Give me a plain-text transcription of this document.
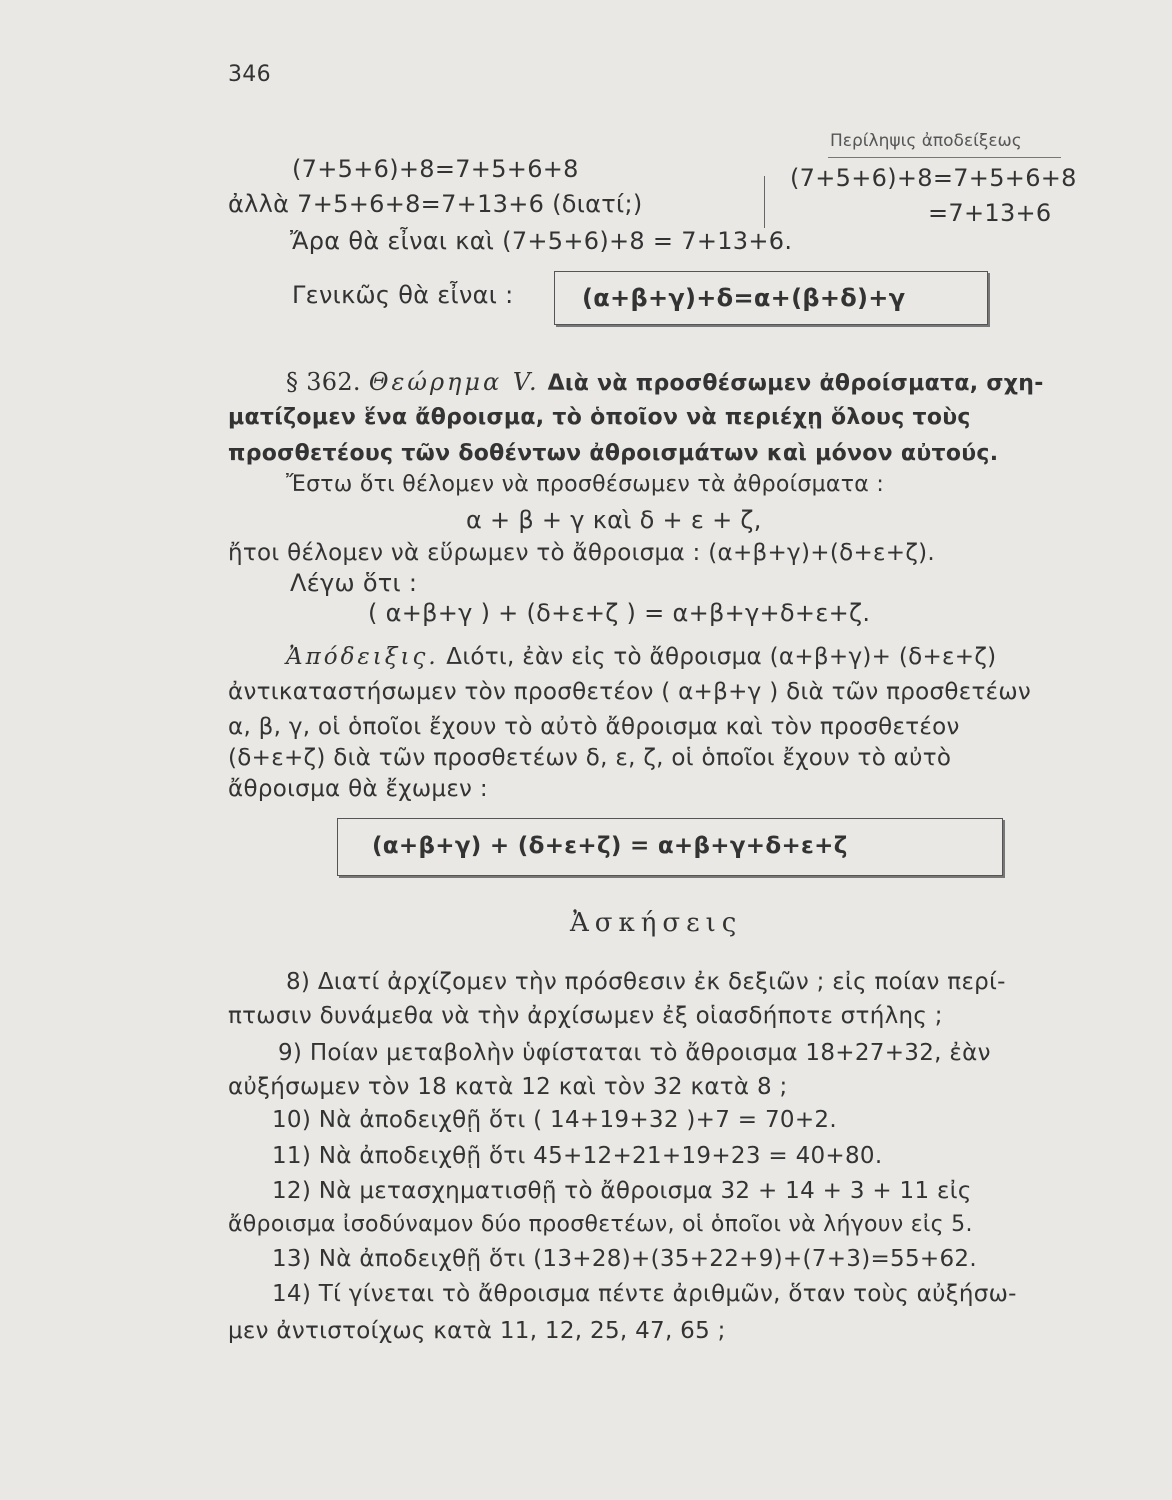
346
Περίληψις ἀποδείξεως
(7+5+6)+8=7+5+6+8
=7+13+6
(7+5+6)+8=7+5+6+8
ἀλλὰ 7+5+6+8=7+13+6 (διατί;)
Ἄρα θὰ εἶναι καὶ (7+5+6)+8 = 7+13+6.
Γενικῶς θὰ εἶναι :	(α+β+γ)+δ=α+(β+δ)+γ
§ 362. Θεώρημα V. Διὰ νὰ προσθέσωμεν ἀθροίσματα, σχη-
ματίζομεν ἕνα ἄθροισμα, τὸ ὁποῖον νὰ περιέχῃ ὅλους τοὺς
προσθετέους τῶν δοθέντων ἀθροισμάτων καὶ μόνον αὐτούς.
Ἔστω ὅτι θέλομεν νὰ προσθέσωμεν τὰ ἀθροίσματα :
α + β + γ καὶ δ + ε + ζ,
ἤτοι θέλομεν νὰ εὕρωμεν τὸ ἄθροισμα : (α+β+γ)+(δ+ε+ζ).
Λέγω ὅτι :
( α+β+γ ) + (δ+ε+ζ ) = α+β+γ+δ+ε+ζ.
Ἀπόδειξις. Διότι, ἐὰν εἰς τὸ ἄθροισμα (α+β+γ)+ (δ+ε+ζ)
ἀντικαταστήσωμεν τὸν προσθετέον ( α+β+γ ) διὰ τῶν προσθετέων
α, β, γ, οἱ ὁποῖοι ἔχουν τὸ αὐτὸ ἄθροισμα καὶ τὸν προσθετέον
(δ+ε+ζ) διὰ τῶν προσθετέων δ, ε, ζ, οἱ ὁποῖοι ἔχουν τὸ αὐτὸ
ἄθροισμα θὰ ἔχωμεν :
(α+β+γ) + (δ+ε+ζ) = α+β+γ+δ+ε+ζ
Ἀσκήσεις
8) Διατί ἀρχίζομεν τὴν πρόσθεσιν ἐκ δεξιῶν ; εἰς ποίαν περί-
πτωσιν δυνάμεθα νὰ τὴν ἀρχίσωμεν ἐξ οἱασδήποτε στήλης ;
9) Ποίαν μεταβολὴν ὑφίσταται τὸ ἄθροισμα 18+27+32, ἐὰν
αὐξήσωμεν τὸν 18 κατὰ 12 καὶ τὸν 32 κατὰ 8 ;
10) Νὰ ἀποδειχθῇ ὅτι ( 14+19+32 )+7 = 70+2.
11) Νὰ ἀποδειχθῇ ὅτι 45+12+21+19+23 = 40+80.
12) Νὰ μετασχηματισθῇ τὸ ἄθροισμα 32 + 14 + 3 + 11 εἰς
ἄθροισμα ἰσοδύναμον δύο προσθετέων, οἱ ὁποῖοι νὰ λήγουν εἰς 5.
13) Νὰ ἀποδειχθῇ ὅτι (13+28)+(35+22+9)+(7+3)=55+62.
14) Τί γίνεται τὸ ἄθροισμα πέντε ἀριθμῶν, ὅταν τοὺς αὐξήσω-
μεν ἀντιστοίχως κατὰ 11, 12, 25, 47, 65 ;
